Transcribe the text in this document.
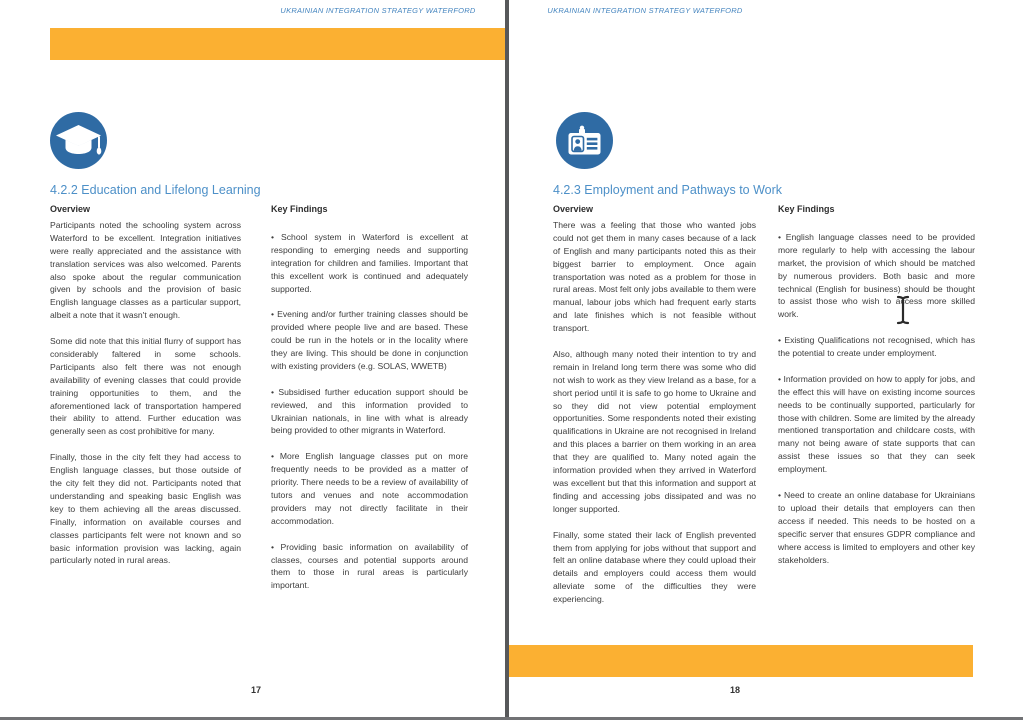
UKRAINIAN INTEGRATION STRATEGY WATERFORD
4.2.2 Education and Lifelong Learning
Overview

Participants noted the schooling system across Waterford to be excellent. Integration initiatives were really appreciated and the assistance with translation services was also welcomed. Parents also spoke about the regular communication given by schools and the provision of basic English language classes as a particular support, albeit a note that it wasn't enough.

Some did note that this initial flurry of support has considerably faltered in some schools. Participants also felt there was not enough availability of evening classes that could provide training opportunities to them, and the aforementioned lack of transportation hampered their ability to attend. Further education was generally seen as cost prohibitive for many.

Finally, those in the city felt they had access to English language classes, but those outside of the city felt they did not. Participants noted that understanding and speaking basic English was key to them achieving all the areas discussed. Finally, information on available courses and classes participants felt were not known and so basic information provision was lacking, again particularly noted in rural areas.

Key Findings

• School system in Waterford is excellent at responding to emerging needs and supporting integration for children and families. Important that this excellent work is continued and adequately supported.

• Evening and/or further training classes should be provided where people live and are based. These could be run in the hotels or in the locality where they are living. This should be done in conjunction with existing providers (e.g. SOLAS, WWETB)

• Subsidised further education support should be reviewed, and this information provided to Ukrainian nationals, in line with what is already being provided to other migrants in Waterford.

• More English language classes put on more frequently needs to be provided as a matter of priority. There needs to be a review of availability of tutors and venues and note accommodation providers may not directly facilitate in their accommodation.

• Providing basic information on availability of classes, courses and potential supports around them to those in rural areas is particularly important.

17
UKRAINIAN INTEGRATION STRATEGY WATERFORD
4.2.3 Employment and Pathways to Work
Overview

There was a feeling that those who wanted jobs could not get them in many cases because of a lack of English and many participants noted this as their biggest barrier to employment. Once again transportation was noted as a problem for those in rural areas. Most felt only jobs available to them were manual, labour jobs which had frequent early starts and late finishes which is not feasible without transport.

Also, although many noted their intention to try and remain in Ireland long term there was some who did not wish to work as they view Ireland as a base, for a short period until it is safe to go home to Ukraine and so they did not view potential employment opportunities. Some respondents noted their existing qualifications in Ukraine are not recognised in Ireland and this places a barrier on them working in an area that they are qualified to. Many noted again the information provided when they arrived in Waterford was excellent but that this information and support at finding and accessing jobs dissipated and was no longer supported.

Finally, some stated their lack of English prevented them from applying for jobs without that support and felt an online database where they could upload their details and employers could access them would alleviate some of the difficulties they were experiencing.

Key Findings

• English language classes need to be provided more regularly to help with accessing the labour market, the provision of which should be matched by numerous providers. Both basic and more technical (English for business) should be thought to assist those who wish to access more skilled work.

• Existing Qualifications not recognised, which has the potential to create under employment.

• Information provided on how to apply for jobs, and the effect this will have on existing income sources needs to be continually supported, particularly for those with children. Some are limited by the already mentioned transportation and childcare costs, with many not being aware of state supports that can assist these issues so that they can seek employment.

• Need to create an online database for Ukrainians to upload their details that employers can then access if needed. This needs to be hosted on a specific server that ensures GDPR compliance and where access is limited to employers and other key stakeholders.

18
